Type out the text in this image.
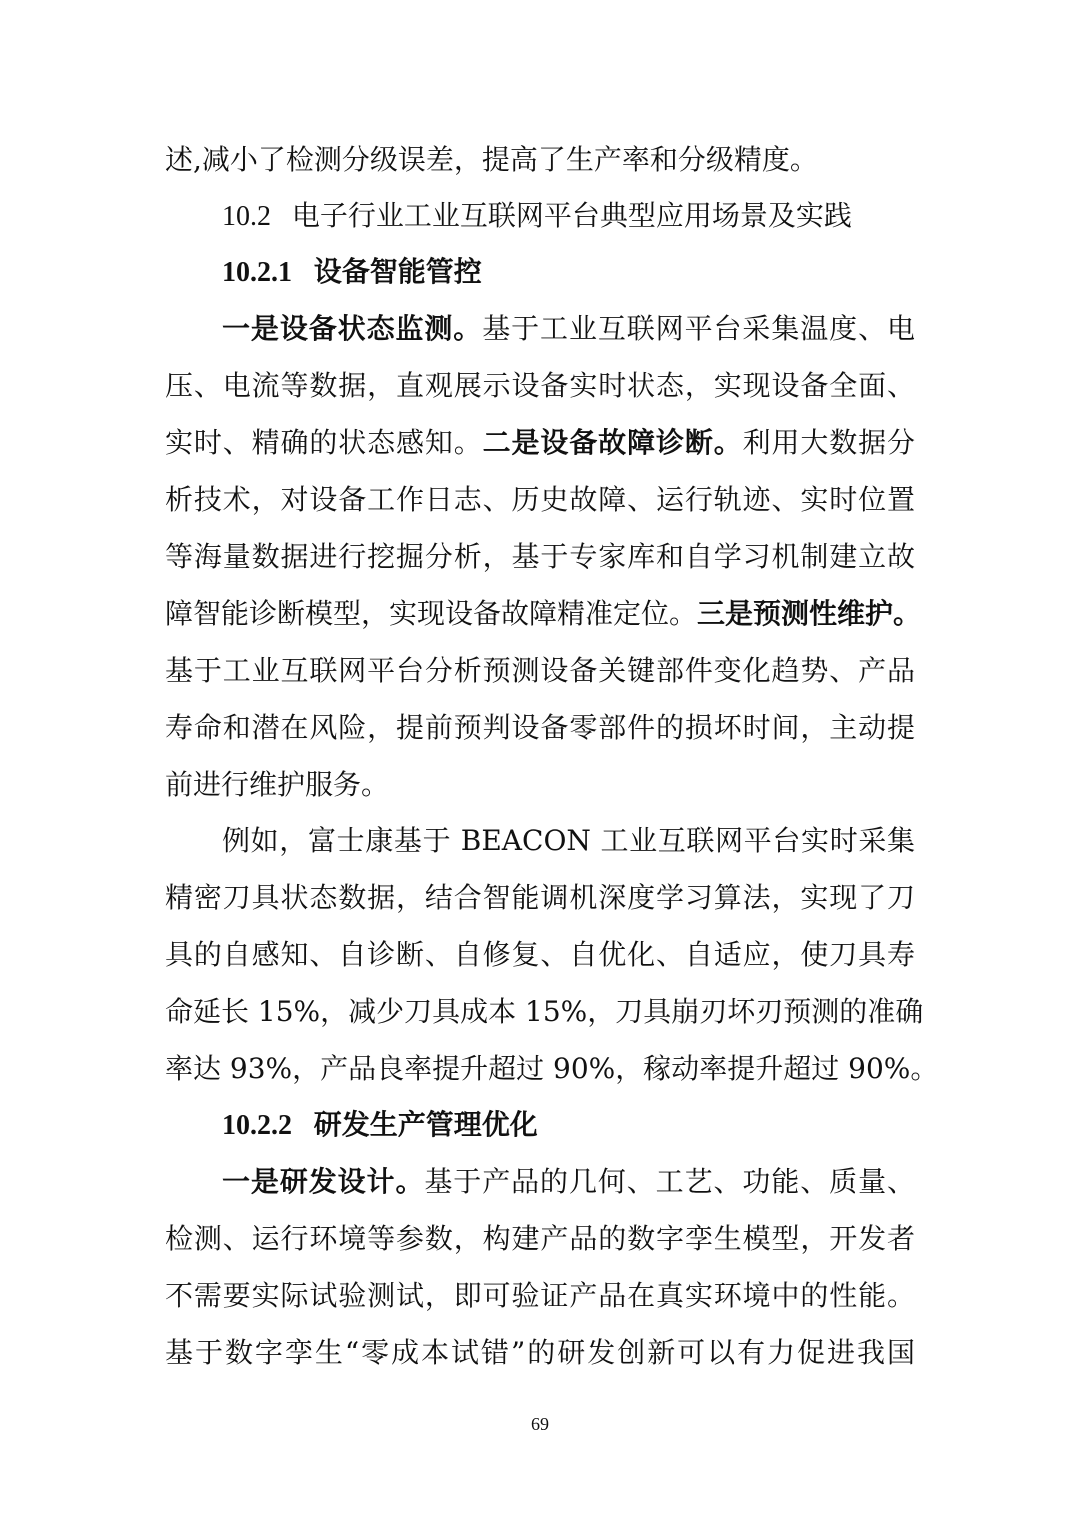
述,减小了检测分级误差，提高了生产率和分级精度。
10.2 电子行业工业互联网平台典型应用场景及实践
10.2.1 设备智能管控
一是设备状态监测。基于工业互联网平台采集温度、电
压、电流等数据，直观展示设备实时状态，实现设备全面、
实时、精确的状态感知。二是设备故障诊断。利用大数据分
析技术，对设备工作日志、历史故障、运行轨迹、实时位置
等海量数据进行挖掘分析，基于专家库和自学习机制建立故
障智能诊断模型，实现设备故障精准定位。三是预测性维护。
基于工业互联网平台分析预测设备关键部件变化趋势、产品
寿命和潜在风险，提前预判设备零部件的损坏时间，主动提
前进行维护服务。
例如，富士康基于 BEACON 工业互联网平台实时采集
精密刀具状态数据，结合智能调机深度学习算法，实现了刀
具的自感知、自诊断、自修复、自优化、自适应，使刀具寿
命延长 15%，减少刀具成本 15%，刀具崩刃坏刃预测的准确
率达 93%，产品良率提升超过 90%，稼动率提升超过 90%。
10.2.2 研发生产管理优化
一是研发设计。基于产品的几何、工艺、功能、质量、
检测、运行环境等参数，构建产品的数字孪生模型，开发者
不需要实际试验测试，即可验证产品在真实环境中的性能。
基于数字孪生“零成本试错”的研发创新可以有力促进我国
69
